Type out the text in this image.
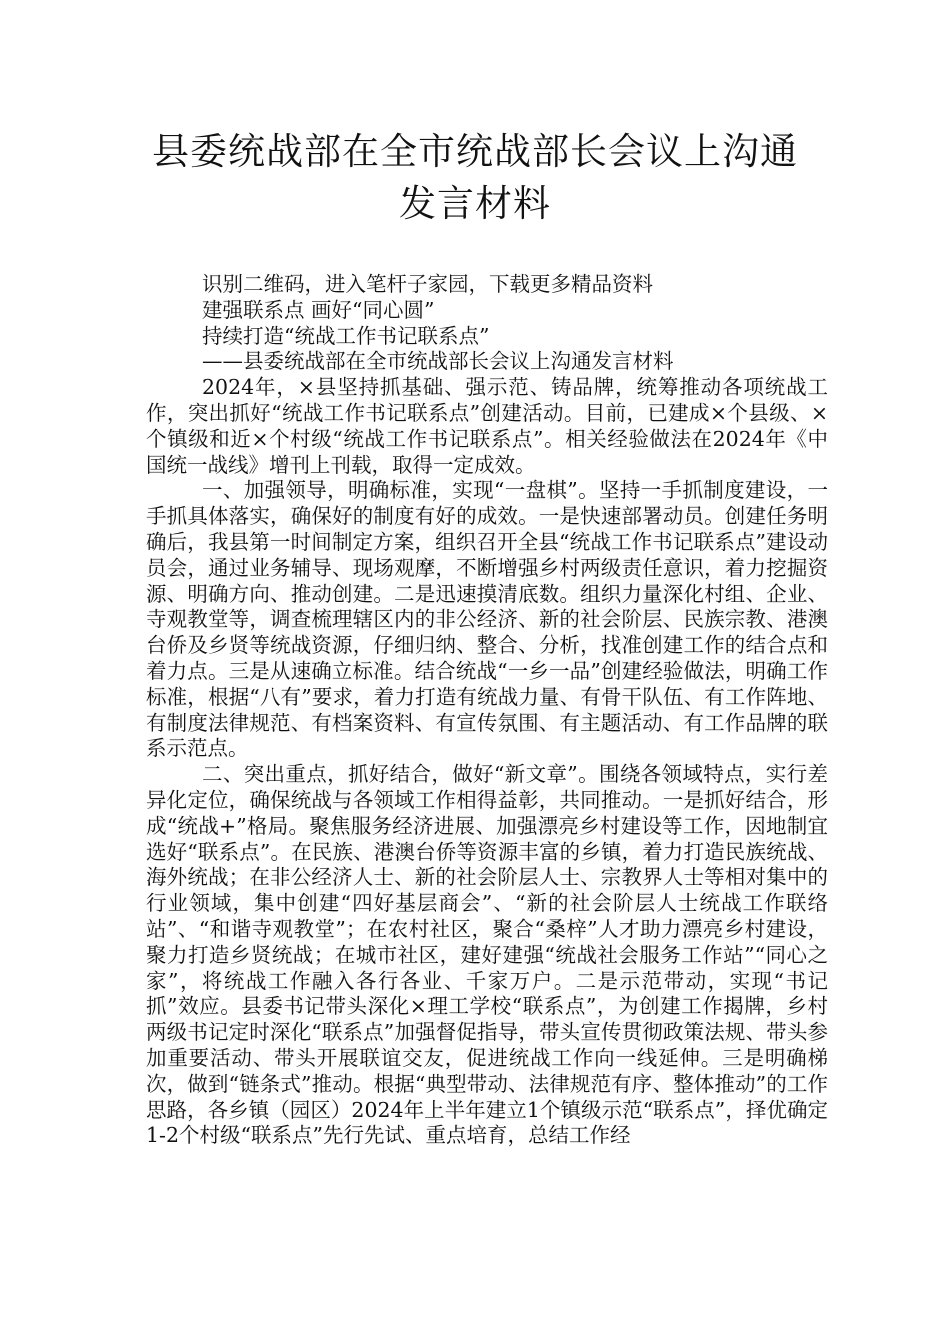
县委统战部在全市统战部长会议上沟通发言材料

识别二维码，进入笔杆子家园，下载更多精品资料

建强联系点 画好“同心圆”

持续打造“统战工作书记联系点”

——县委统战部在全市统战部长会议上沟通发言材料

2024年，×县坚持抓基础、强示范、铸品牌，统筹推动各项统战工作，突出抓好“统战工作书记联系点”创建活动。目前，已建成×个县级、×个镇级和近×个村级“统战工作书记联系点”。相关经验做法在2024年《中国统一战线》增刊上刊载，取得一定成效。

一、加强领导，明确标准，实现“一盘棋”。坚持一手抓制度建设，一手抓具体落实，确保好的制度有好的成效。一是快速部署动员。创建任务明确后，我县第一时间制定方案，组织召开全县“统战工作书记联系点”建设动员会，通过业务辅导、现场观摩，不断增强乡村两级责任意识，着力挖掘资源、明确方向、推动创建。二是迅速摸清底数。组织力量深化村组、企业、寺观教堂等，调查梳理辖区内的非公经济、新的社会阶层、民族宗教、港澳台侨及乡贤等统战资源，仔细归纳、整合、分析，找准创建工作的结合点和着力点。三是从速确立标准。结合统战“一乡一品”创建经验做法，明确工作标准，根据“八有”要求，着力打造有统战力量、有骨干队伍、有工作阵地、有制度法律规范、有档案资料、有宣传氛围、有主题活动、有工作品牌的联系示范点。

二、突出重点，抓好结合，做好“新文章”。围绕各领域特点，实行差异化定位，确保统战与各领域工作相得益彰，共同推动。一是抓好结合，形成“统战+”格局。聚焦服务经济进展、加强漂亮乡村建设等工作，因地制宜选好“联系点”。在民族、港澳台侨等资源丰富的乡镇，着力打造民族统战、海外统战；在非公经济人士、新的社会阶层人士、宗教界人士等相对集中的行业领域，集中创建“四好基层商会”、“新的社会阶层人士统战工作联络站”、“和谐寺观教堂”；在农村社区，聚合“桑梓”人才助力漂亮乡村建设，聚力打造乡贤统战；在城市社区，建好建强“统战社会服务工作站”“同心之家”，将统战工作融入各行各业、千家万户。二是示范带动，实现“书记抓”效应。县委书记带头深化×理工学校“联系点”，为创建工作揭牌，乡村两级书记定时深化“联系点”加强督促指导，带头宣传贯彻政策法规、带头参加重要活动、带头开展联谊交友，促进统战工作向一线延伸。三是明确梯次，做到“链条式”推动。根据“典型带动、法律规范有序、整体推动”的工作思路，各乡镇（园区）2024年上半年建立1个镇级示范“联系点”，择优确定1-2个村级“联系点”先行先试、重点培育，总结工作经
